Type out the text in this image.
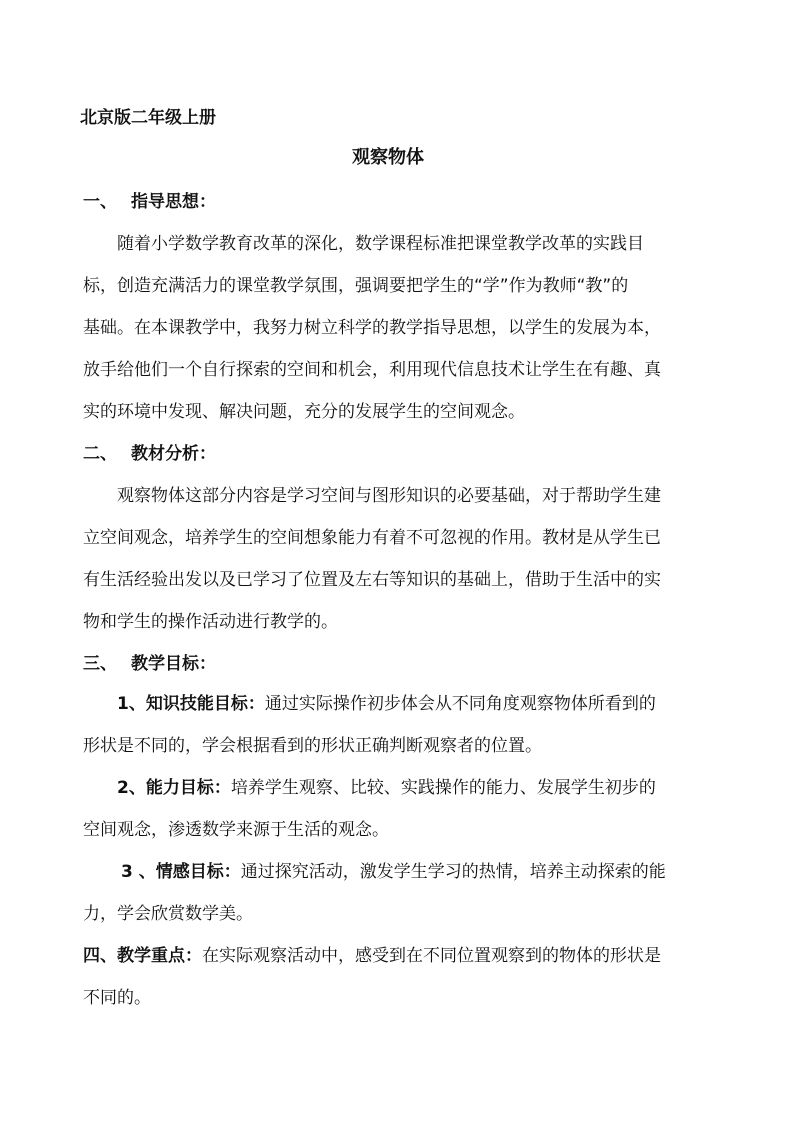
北京版二年级上册
观察物体
一、 指导思想：
随着小学数学教育改革的深化，数学课程标准把课堂教学改革的实践目
标，创造充满活力的课堂教学氛围，强调要把学生的“学”作为教师“教”的
基础。在本课教学中，我努力树立科学的教学指导思想，以学生的发展为本，
放手给他们一个自行探索的空间和机会，利用现代信息技术让学生在有趣、真
实的环境中发现、解决问题，充分的发展学生的空间观念。
二、 教材分析：
观察物体这部分内容是学习空间与图形知识的必要基础，对于帮助学生建
立空间观念，培养学生的空间想象能力有着不可忽视的作用。教材是从学生已
有生活经验出发以及已学习了位置及左右等知识的基础上，借助于生活中的实
物和学生的操作活动进行教学的。
三、 教学目标：
1、知识技能目标：通过实际操作初步体会从不同角度观察物体所看到的
形状是不同的，学会根据看到的形状正确判断观察者的位置。
2、能力目标：培养学生观察、比较、实践操作的能力、发展学生初步的
空间观念，渗透数学来源于生活的观念。
3 、情感目标：通过探究活动，激发学生学习的热情，培养主动探索的能
力，学会欣赏数学美。
四、教学重点：在实际观察活动中，感受到在不同位置观察到的物体的形状是
不同的。
